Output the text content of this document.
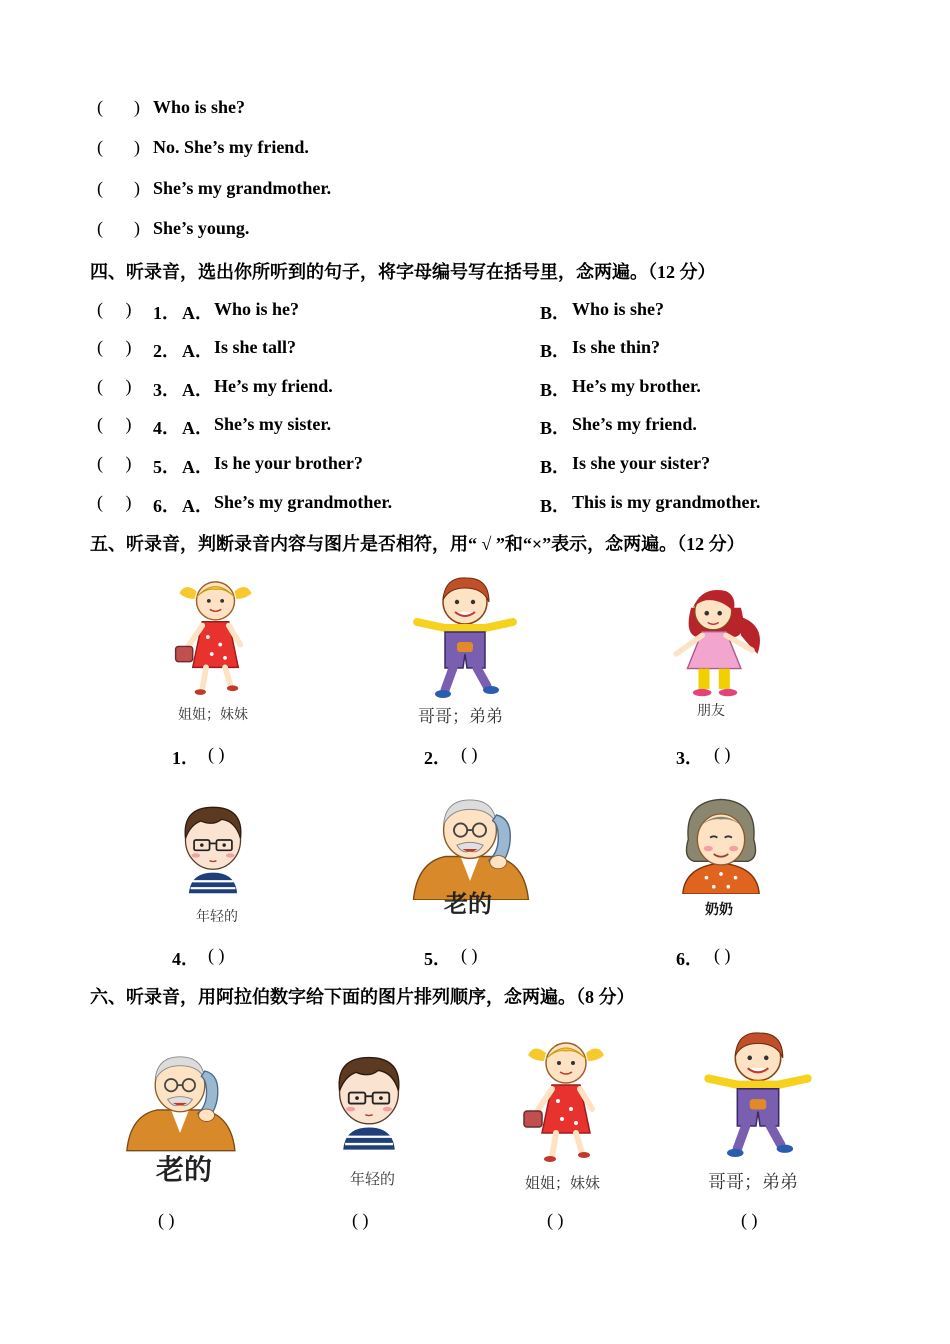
( ) Who is she?
( ) No. She’s my friend.
( ) She’s my grandmother.
( ) She’s young.
四、听录音，选出你所听到的句子，将字母编号写在括号里，念两遍。（12 分）
(     ) 1． A． Who is he?	B． Who is she?
(     ) 2． A． Is she tall?	B． Is she thin?
(     ) 3． A． He’s my friend.	B． He’s my brother.
(     ) 4． A． She’s my sister.	B． She’s my friend.
(     ) 5． A． Is he your brother?	B． Is she your sister?
(     ) 6． A． She’s my grandmother.	B． This is my grandmother.
五、听录音，判断录音内容与图片是否相符，用“ √ ”和“×”表示，念两遍。（12 分）
姐姐；妹妹	哥哥；弟弟	朋友
1． ( )	2． ( )	3． ( )
年轻的	老的	奶奶
4． ( )	5． ( )	6． ( )
六、听录音，用阿拉伯数字给下面的图片排列顺序，念两遍。（8 分）
老的	年轻的	姐姐；妹妹	哥哥；弟弟
( )	( )	( )	( )
